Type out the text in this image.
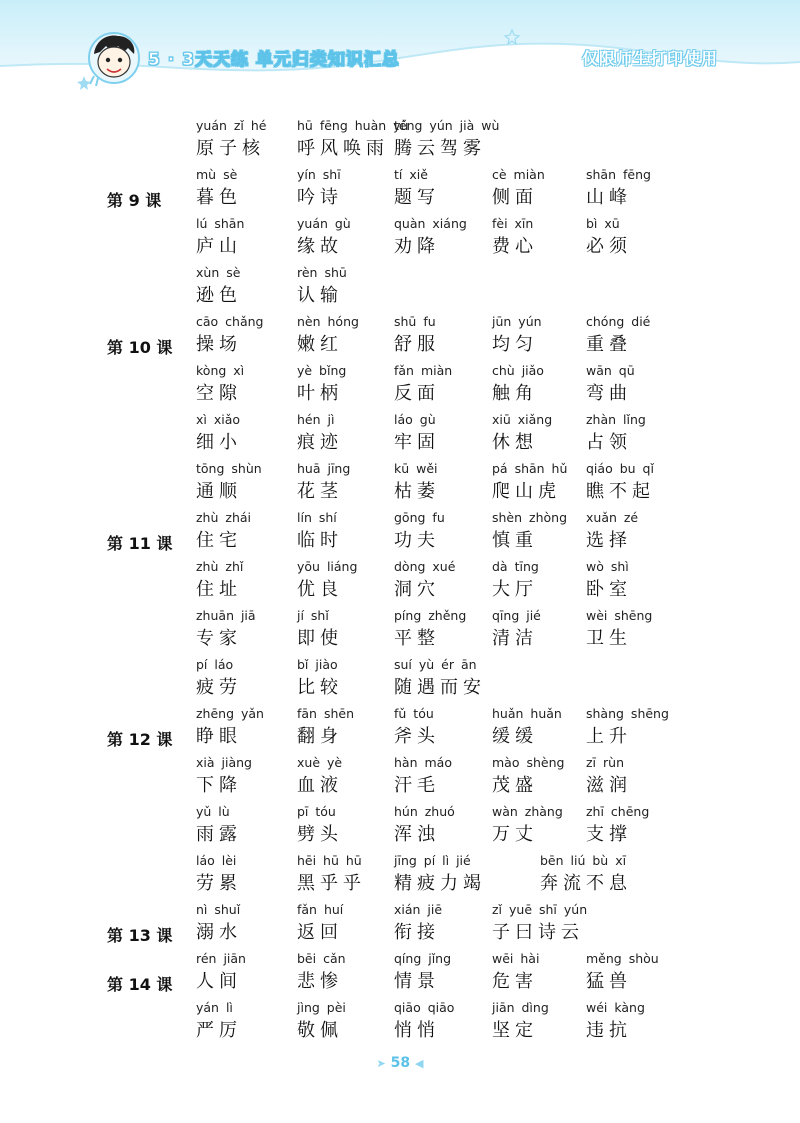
5 · 3天天练 单元归类知识汇总	仅限师生打印使用
yuán zǐ hé
原子核
hū fēng huàn yǔ
呼风唤雨
téng yún jià wù
腾云驾雾
第 9 课
mù sè
暮色
yín shī
吟诗
tí xiě
题写
cè miàn
侧面
shān fēng
山峰
lú shān
庐山
yuán gù
缘故
quàn xiáng
劝降
fèi xīn
费心
bì xū
必须
xùn sè
逊色
rèn shū
认输
第 10 课
cāo chǎng
操场
nèn hóng
嫩红
shū fu
舒服
jūn yún
均匀
chóng dié
重叠
kòng xì
空隙
yè bǐng
叶柄
fǎn miàn
反面
chù jiǎo
触角
wān qū
弯曲
xì xiǎo
细小
hén jì
痕迹
láo gù
牢固
xiū xiǎng
休想
zhàn lǐng
占领
tōng shùn
通顺
huā jīng
花茎
kū wěi
枯萎
pá shān hǔ
爬山虎
qiáo bu qǐ
瞧不起
第 11 课
zhù zhái
住宅
lín shí
临时
gōng fu
功夫
shèn zhòng
慎重
xuǎn zé
选择
zhù zhǐ
住址
yōu liáng
优良
dòng xué
洞穴
dà tīng
大厅
wò shì
卧室
zhuān jiā
专家
jí shǐ
即使
píng zhěng
平整
qīng jié
清洁
wèi shēng
卫生
pí láo
疲劳
bǐ jiào
比较
suí yù ér ān
随遇而安
第 12 课
zhēng yǎn
睁眼
fān shēn
翻身
fǔ tóu
斧头
huǎn huǎn
缓缓
shàng shēng
上升
xià jiàng
下降
xuè yè
血液
hàn máo
汗毛
mào shèng
茂盛
zī rùn
滋润
yǔ lù
雨露
pī tóu
劈头
hún zhuó
浑浊
wàn zhàng
万丈
zhī chēng
支撑
láo lèi
劳累
hēi hū hū
黑乎乎
jīng pí lì jié
精疲力竭
bēn liú bù xī
奔流不息
第 13 课
nì shuǐ
溺水
fǎn huí
返回
xián jiē
衔接
zǐ yuē shī yún
子曰诗云
第 14 课
rén jiān
人间
bēi cǎn
悲惨
qíng jǐng
情景
wēi hài
危害
měng shòu
猛兽
yán lì
严厉
jìng pèi
敬佩
qiāo qiāo
悄悄
jiān dìng
坚定
wéi kàng
违抗
➤ 58 ◀
